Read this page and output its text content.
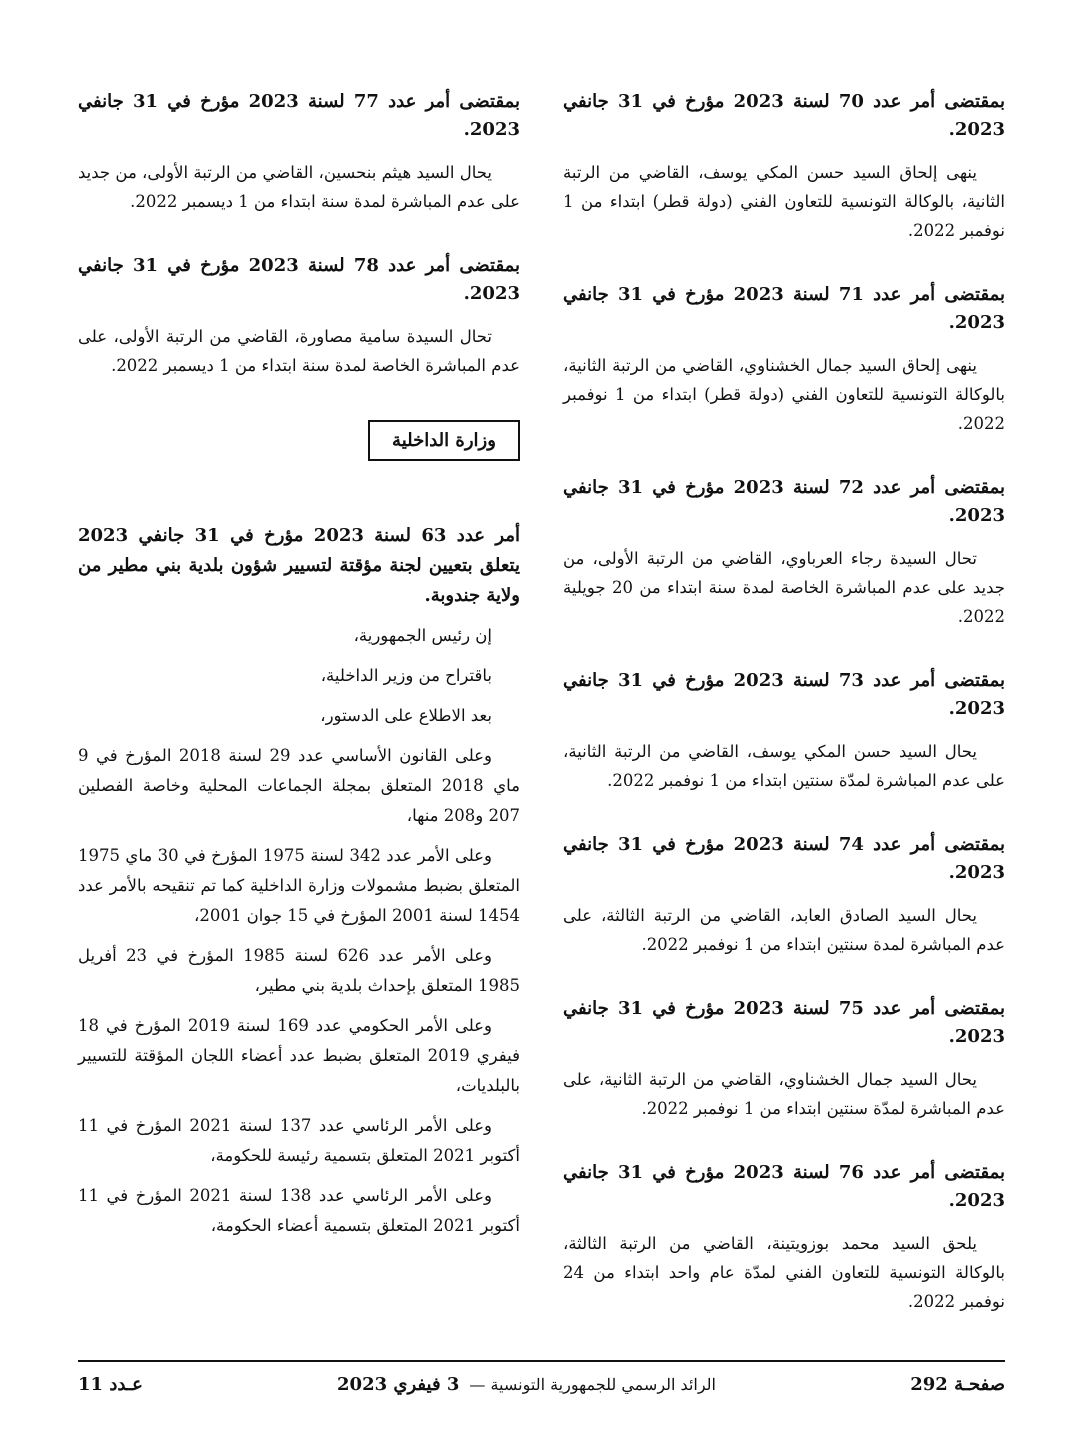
بمقتضى أمر عدد 70 لسنة 2023 مؤرخ في 31 جانفي 2023.

ينهى إلحاق السيد حسن المكي يوسف، القاضي من الرتبة الثانية، بالوكالة التونسية للتعاون الفني (دولة قطر) ابتداء من 1 نوفمبر 2022.

بمقتضى أمر عدد 71 لسنة 2023 مؤرخ في 31 جانفي 2023.

ينهى إلحاق السيد جمال الخشناوي، القاضي من الرتبة الثانية، بالوكالة التونسية للتعاون الفني (دولة قطر) ابتداء من 1 نوفمبر 2022.

بمقتضى أمر عدد 72 لسنة 2023 مؤرخ في 31 جانفي 2023.

تحال السيدة رجاء العرباوي، القاضي من الرتبة الأولى، من جديد على عدم المباشرة الخاصة لمدة سنة ابتداء من 20 جويلية 2022.

بمقتضى أمر عدد 73 لسنة 2023 مؤرخ في 31 جانفي 2023.

يحال السيد حسن المكي يوسف، القاضي من الرتبة الثانية، على عدم المباشرة لمدّة سنتين ابتداء من 1 نوفمبر 2022.

بمقتضى أمر عدد 74 لسنة 2023 مؤرخ في 31 جانفي 2023.

يحال السيد الصادق العابد، القاضي من الرتبة الثالثة، على عدم المباشرة لمدة سنتين ابتداء من 1 نوفمبر 2022.

بمقتضى أمر عدد 75 لسنة 2023 مؤرخ في 31 جانفي 2023.

يحال السيد جمال الخشناوي، القاضي من الرتبة الثانية، على عدم المباشرة لمدّة سنتين ابتداء من 1 نوفمبر 2022.

بمقتضى أمر عدد 76 لسنة 2023 مؤرخ في 31 جانفي 2023.

يلحق السيد محمد بوزويتينة، القاضي من الرتبة الثالثة، بالوكالة التونسية للتعاون الفني لمدّة عام واحد ابتداء من 24 نوفمبر 2022.

بمقتضى أمر عدد 77 لسنة 2023 مؤرخ في 31 جانفي 2023.

يحال السيد هيثم بنحسين، القاضي من الرتبة الأولى، من جديد على عدم المباشرة لمدة سنة ابتداء من 1 ديسمبر 2022.

بمقتضى أمر عدد 78 لسنة 2023 مؤرخ في 31 جانفي 2023.

تحال السيدة سامية مصاورة، القاضي من الرتبة الأولى، على عدم المباشرة الخاصة لمدة سنة ابتداء من 1 ديسمبر 2022.

وزارة الداخلية

أمر عدد 63 لسنة 2023 مؤرخ في 31 جانفي 2023 يتعلق بتعيين لجنة مؤقتة لتسيير شؤون بلدية بني مطير من ولاية جندوبة.

إن رئيس الجمهورية،

باقتراح من وزير الداخلية،

بعد الاطلاع على الدستور،

وعلى القانون الأساسي عدد 29 لسنة 2018 المؤرخ في 9 ماي 2018 المتعلق بمجلة الجماعات المحلية وخاصة الفصلين 207 و208 منها،

وعلى الأمر عدد 342 لسنة 1975 المؤرخ في 30 ماي 1975 المتعلق بضبط مشمولات وزارة الداخلية كما تم تنقيحه بالأمر عدد 1454 لسنة 2001 المؤرخ في 15 جوان 2001،

وعلى الأمر عدد 626 لسنة 1985 المؤرخ في 23 أفريل 1985 المتعلق بإحداث بلدية بني مطير،

وعلى الأمر الحكومي عدد 169 لسنة 2019 المؤرخ في 18 فيفري 2019 المتعلق بضبط عدد أعضاء اللجان المؤقتة للتسيير بالبلديات،

وعلى الأمر الرئاسي عدد 137 لسنة 2021 المؤرخ في 11 أكتوبر 2021 المتعلق بتسمية رئيسة للحكومة،

وعلى الأمر الرئاسي عدد 138 لسنة 2021 المؤرخ في 11 أكتوبر 2021 المتعلق بتسمية أعضاء الحكومة،

صفحـة 292
الرائد الرسمي للجمهورية التونسية —
3 فيفري 2023
عـدد 11
